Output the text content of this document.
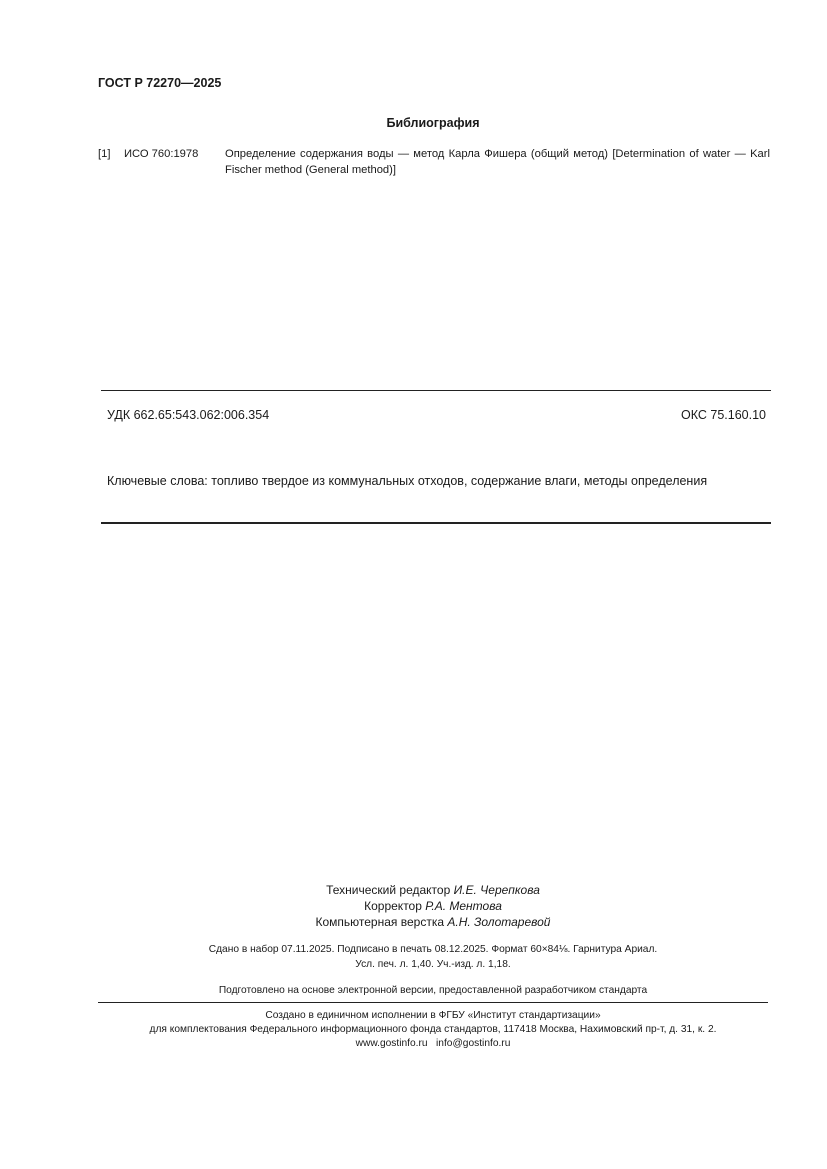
ГОСТ Р 72270—2025
Библиография
[1]	ИСО 760:1978	Определение содержания воды — метод Карла Фишера (общий метод) [Determination of water — Karl Fischer method (General method)]
УДК 662.65:543.062:006.354	ОКС 75.160.10
Ключевые слова: топливо твердое из коммунальных отходов, содержание влаги, методы определения
Технический редактор И.Е. Черепкова
Корректор Р.А. Ментова
Компьютерная верстка А.Н. Золотаревой
Сдано в набор 07.11.2025. Подписано в печать 08.12.2025. Формат 60×84⅛. Гарнитура Ариал.
Усл. печ. л. 1,40. Уч.-изд. л. 1,18.
Подготовлено на основе электронной версии, предоставленной разработчиком стандарта
Создано в единичном исполнении в ФГБУ «Институт стандартизации»
для комплектования Федерального информационного фонда стандартов, 117418 Москва, Нахимовский пр-т, д. 31, к. 2.
www.gostinfo.ru info@gostinfo.ru
